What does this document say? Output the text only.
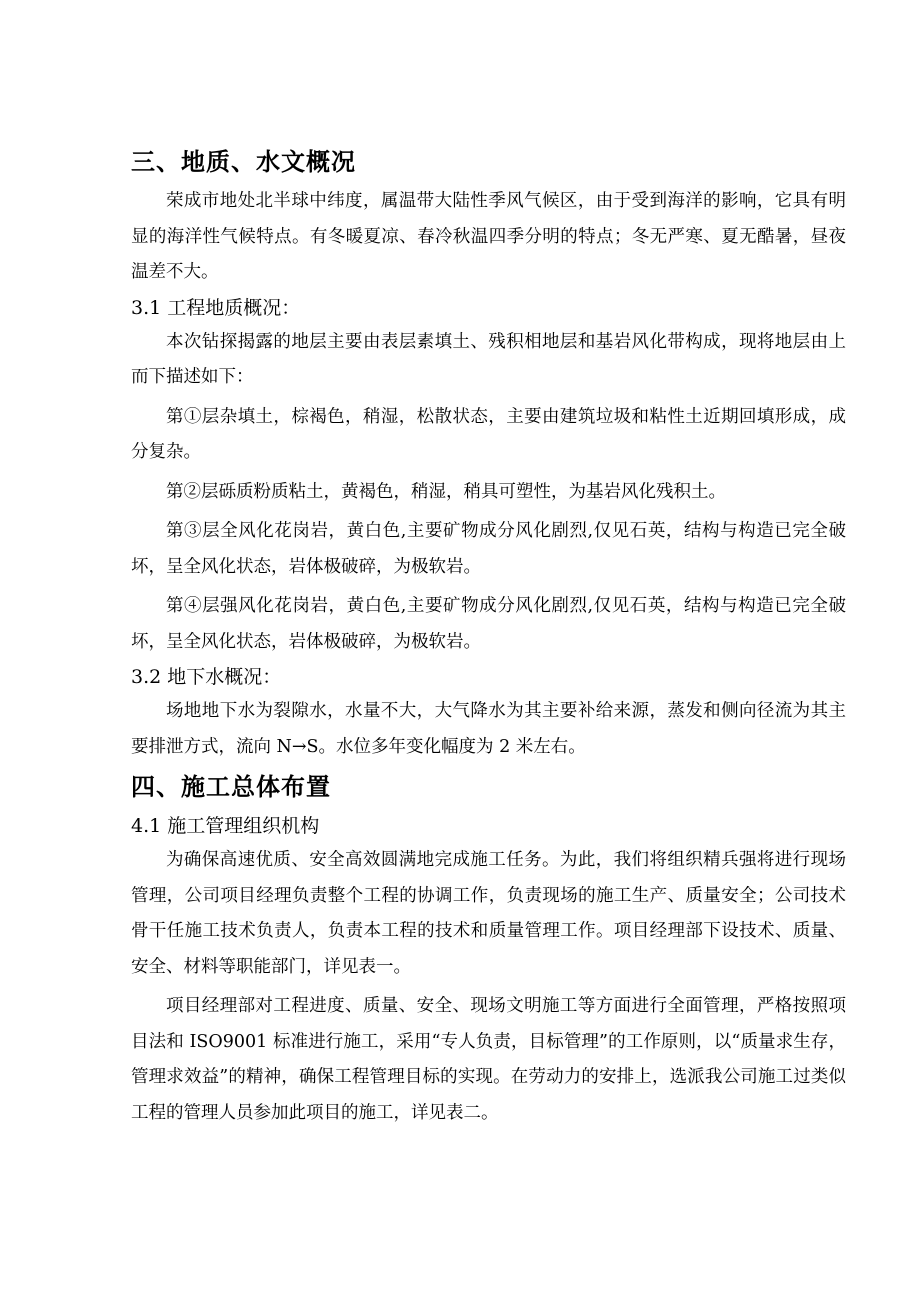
三、地质、水文概况

荣成市地处北半球中纬度，属温带大陆性季风气候区，由于受到海洋的影响，它具有明显的海洋性气候特点。有冬暖夏凉、春冷秋温四季分明的特点；冬无严寒、夏无酷暑，昼夜温差不大。

3.1 工程地质概况：

本次钻探揭露的地层主要由表层素填土、残积相地层和基岩风化带构成，现将地层由上而下描述如下：

第①层杂填土，棕褐色，稍湿，松散状态，主要由建筑垃圾和粘性土近期回填形成，成分复杂。

第②层砾质粉质粘土，黄褐色，稍湿，稍具可塑性，为基岩风化残积土。

第③层全风化花岗岩，黄白色,主要矿物成分风化剧烈,仅见石英，结构与构造已完全破坏，呈全风化状态，岩体极破碎，为极软岩。

第④层强风化花岗岩，黄白色,主要矿物成分风化剧烈,仅见石英，结构与构造已完全破坏，呈全风化状态，岩体极破碎，为极软岩。

3.2 地下水概况：

场地地下水为裂隙水，水量不大，大气降水为其主要补给来源，蒸发和侧向径流为其主要排泄方式，流向 N→S。水位多年变化幅度为 2 米左右。

四、施工总体布置
4.1 施工管理组织机构

为确保高速优质、安全高效圆满地完成施工任务。为此，我们将组织精兵强将进行现场管理，公司项目经理负责整个工程的协调工作，负责现场的施工生产、质量安全；公司技术骨干任施工技术负责人，负责本工程的技术和质量管理工作。项目经理部下设技术、质量、安全、材料等职能部门，详见表一。

项目经理部对工程进度、质量、安全、现场文明施工等方面进行全面管理，严格按照项目法和 ISO9001 标准进行施工，采用“专人负责，目标管理”的工作原则，以“质量求生存，管理求效益”的精神，确保工程管理目标的实现。在劳动力的安排上，选派我公司施工过类似工程的管理人员参加此项目的施工，详见表二。
